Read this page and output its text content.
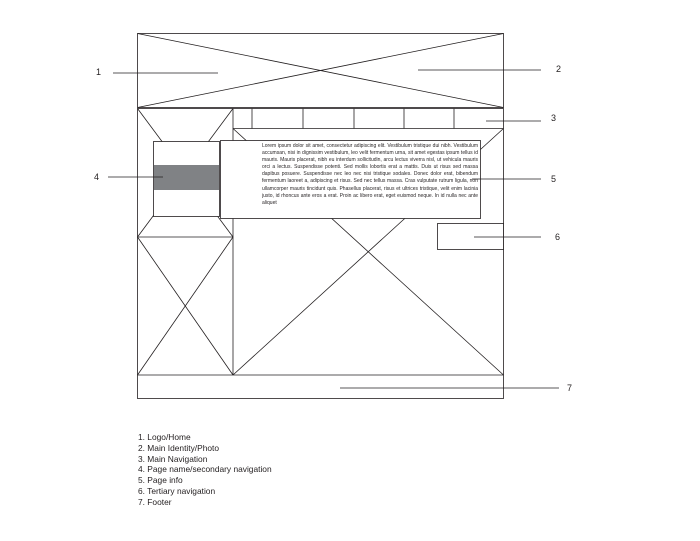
1	2
3
4	5
6
7
Lorem ipsum dolor sit amet, consectetur adipiscing elit. Vestibulum tristique dui nibh. Vestibulum accumsan, nisi in dignissim vestibulum, leo velit fermentum urna, sit amet egestas ipsum tellus id mauris. Mauris placerat, nibh eu interdum sollicitudin, arcu lectus viverra nisl, ut vehicula mauris orci a lectus. Suspendisse potenti. Sed mollis lobortis erat a mattis. Duis ut risus sed massa dapibus posuere. Suspendisse nec leo nec nisi tristique sodales. Donec dolor erat, bibendum fermentum laoreet a, adipiscing et risus. Sed nec tellus massa. Cras vulputate rutrum ligula, non ullamcorper mauris tincidunt quis. Phasellus placerat, risus et ultrices tristique, velit enim lacinia justo, id rhoncus ante eros a erat. Proin ac libero erat, eget euismod neque. In id nulla nec ante aliquet
1. Logo/Home
2. Main Identity/Photo
3. Main Navigation
4. Page name/secondary navigation
5. Page info
6. Tertiary navigation
7. Footer
